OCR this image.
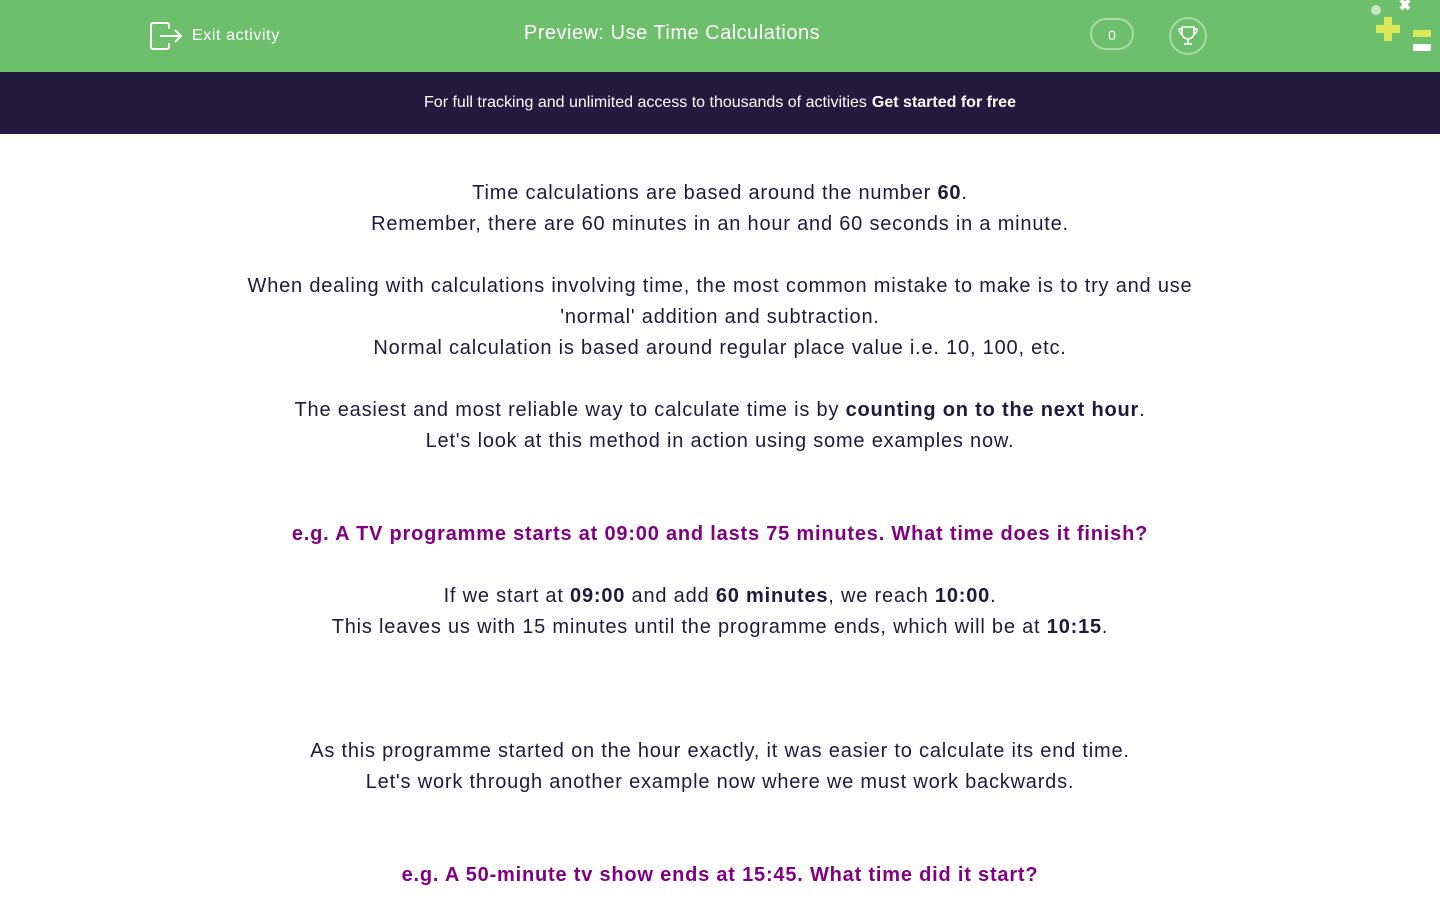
Exit activity	Preview: Use Time Calculations	0
For full tracking and unlimited access to thousands of activities Get started for free

Time calculations are based around the number 60.

Remember, there are 60 minutes in an hour and 60 seconds in a minute.

When dealing with calculations involving time, the most common mistake to make is to try and use

'normal' addition and subtraction.

Normal calculation is based around regular place value i.e. 10, 100, etc.

The easiest and most reliable way to calculate time is by counting on to the next hour.

Let's look at this method in action using some examples now.

e.g. A TV programme starts at 09:00 and lasts 75 minutes. What time does it finish?

If we start at 09:00 and add 60 minutes, we reach 10:00.

This leaves us with 15 minutes until the programme ends, which will be at 10:15.

As this programme started on the hour exactly, it was easier to calculate its end time.

Let's work through another example now where we must work backwards.

e.g. A 50-minute tv show ends at 15:45. What time did it start?
